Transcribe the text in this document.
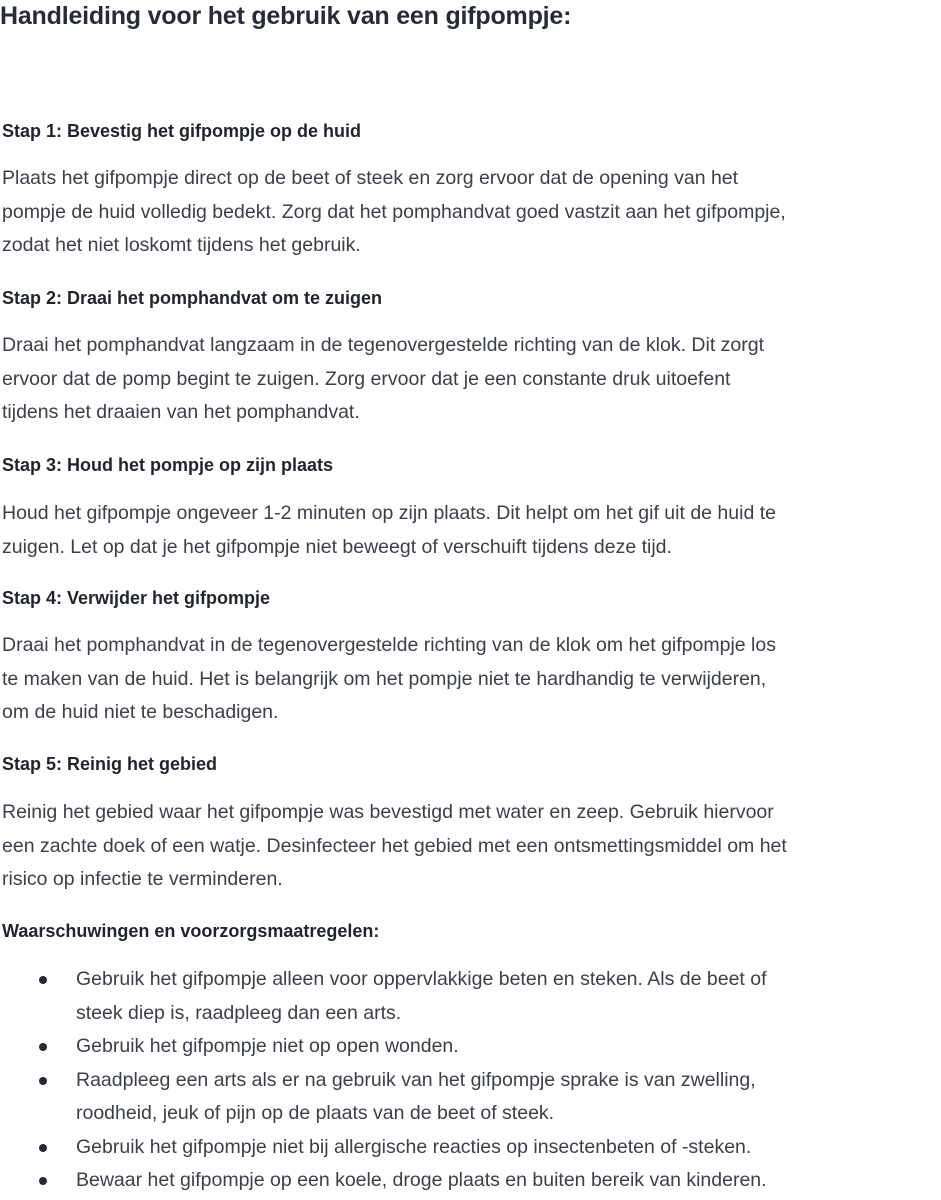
Handleiding voor het gebruik van een gifpompje:
Stap 1: Bevestig het gifpompje op de huid

Plaats het gifpompje direct op de beet of steek en zorg ervoor dat de opening van het
pompje de huid volledig bedekt. Zorg dat het pomphandvat goed vastzit aan het gifpompje,
zodat het niet loskomt tijdens het gebruik.

Stap 2: Draai het pomphandvat om te zuigen

Draai het pomphandvat langzaam in de tegenovergestelde richting van de klok. Dit zorgt
ervoor dat de pomp begint te zuigen. Zorg ervoor dat je een constante druk uitoefent
tijdens het draaien van het pomphandvat.

Stap 3: Houd het pompje op zijn plaats

Houd het gifpompje ongeveer 1-2 minuten op zijn plaats. Dit helpt om het gif uit de huid te
zuigen. Let op dat je het gifpompje niet beweegt of verschuift tijdens deze tijd.

Stap 4: Verwijder het gifpompje

Draai het pomphandvat in de tegenovergestelde richting van de klok om het gifpompje los
te maken van de huid. Het is belangrijk om het pompje niet te hardhandig te verwijderen,
om de huid niet te beschadigen.

Stap 5: Reinig het gebied

Reinig het gebied waar het gifpompje was bevestigd met water en zeep. Gebruik hiervoor
een zachte doek of een watje. Desinfecteer het gebied met een ontsmettingsmiddel om het
risico op infectie te verminderen.

Waarschuwingen en voorzorgsmaatregelen:
Gebruik het gifpompje alleen voor oppervlakkige beten en steken. Als de beet of
steek diep is, raadpleeg dan een arts.
Gebruik het gifpompje niet op open wonden.
Raadpleeg een arts als er na gebruik van het gifpompje sprake is van zwelling,
roodheid, jeuk of pijn op de plaats van de beet of steek.
Gebruik het gifpompje niet bij allergische reacties op insectenbeten of -steken.
Bewaar het gifpompje op een koele, droge plaats en buiten bereik van kinderen.
